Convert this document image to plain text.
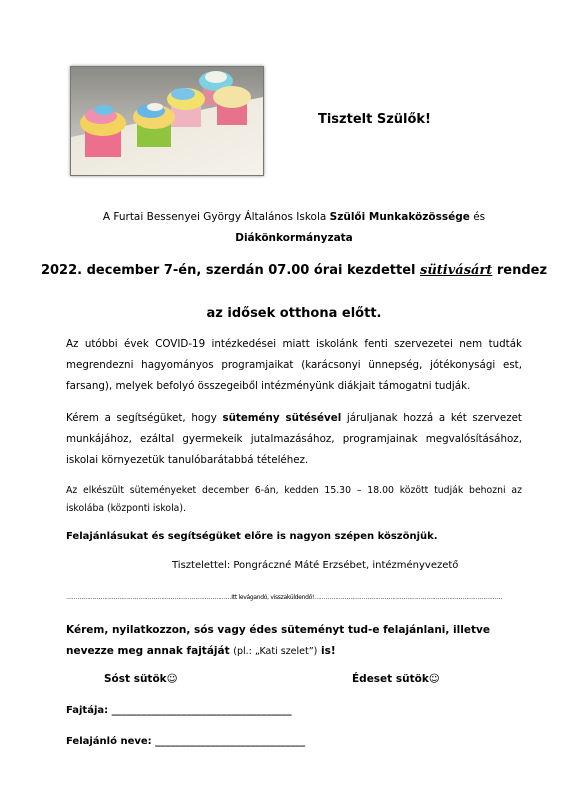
Tisztelt Szülők!
A Furtai Bessenyei György Általános Iskola Szülői Munkaközössége és
Diákönkormányzata
2022. december 7-én, szerdán 07.00 órai kezdettel sütivásárt rendez
az idősek otthona előtt.
Az utóbbi évek COVID-19 intézkedései miatt iskolánk fenti szervezetei nem tudták megrendezni hagyományos programjaikat (karácsonyi ünnepség, jótékonysági est, farsang), melyek befolyó összegeiből intézményünk diákjait támogatni tudják.
Kérem a segítségüket, hogy sütemény sütésével járuljanak hozzá a két szervezet munkájához, ezáltal gyermekeik jutalmazásához, programjainak megvalósításához, iskolai környezetük tanulóbarátabbá tételéhez.
Az elkészült süteményeket december 6-án, kedden 15.30 – 18.00 között tudják behozni az iskolába (központi iskola).
Felajánlásukat és segítségüket előre is nagyon szépen köszönjük.
Tisztelettel: Pongráczné Máté Erzsébet, intézményvezető
……………………………………………………………………………Itt levágandó, visszaküldendő!………………………………………………………………………………………
Kérem, nyilatkozzon, sós vagy édes süteményt tud-e felajánlani, illetve nevezze meg annak fajtáját (pl.: „Kati szelet”) is!
Sóst sütök☺	Édeset sütök☺
Fajtája: ____________________________________
Felajánló neve: ______________________________
